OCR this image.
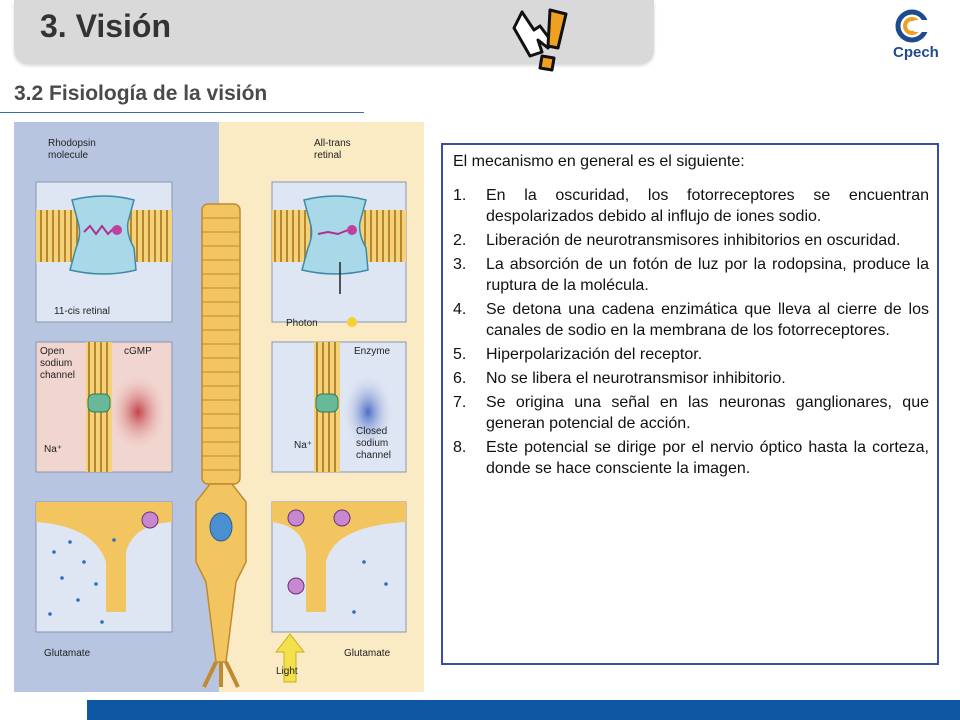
3. Visión
Cpech
3.2 Fisiología de la visión
Rhodopsin
molecule
11-cis retinal
All-trans
retinal
Photon
Open
sodium
channel
cGMP
Na⁺
Enzyme
Na⁺
Closed
sodium
channel
Glutamate	Glutamate
Light

El mecanismo en general es el siguiente:

1.	En la oscuridad, los fotorreceptores se encuentran despolarizados debido al influjo de iones sodio.
2.	Liberación de neurotransmisores inhibitorios en oscuridad.
3.	La absorción de un fotón de luz por la rodopsina, produce la ruptura de la molécula.
4.	Se detona una cadena enzimática que lleva al cierre de los canales de sodio en la membrana de los fotorreceptores.
5.	Hiperpolarización del receptor.
6.	No se libera el neurotransmisor inhibitorio.
7.	Se origina una señal en las neuronas ganglionares, que generan potencial de acción.
8.	Este potencial se dirige por el nervio óptico hasta la corteza, donde se hace consciente la imagen.
